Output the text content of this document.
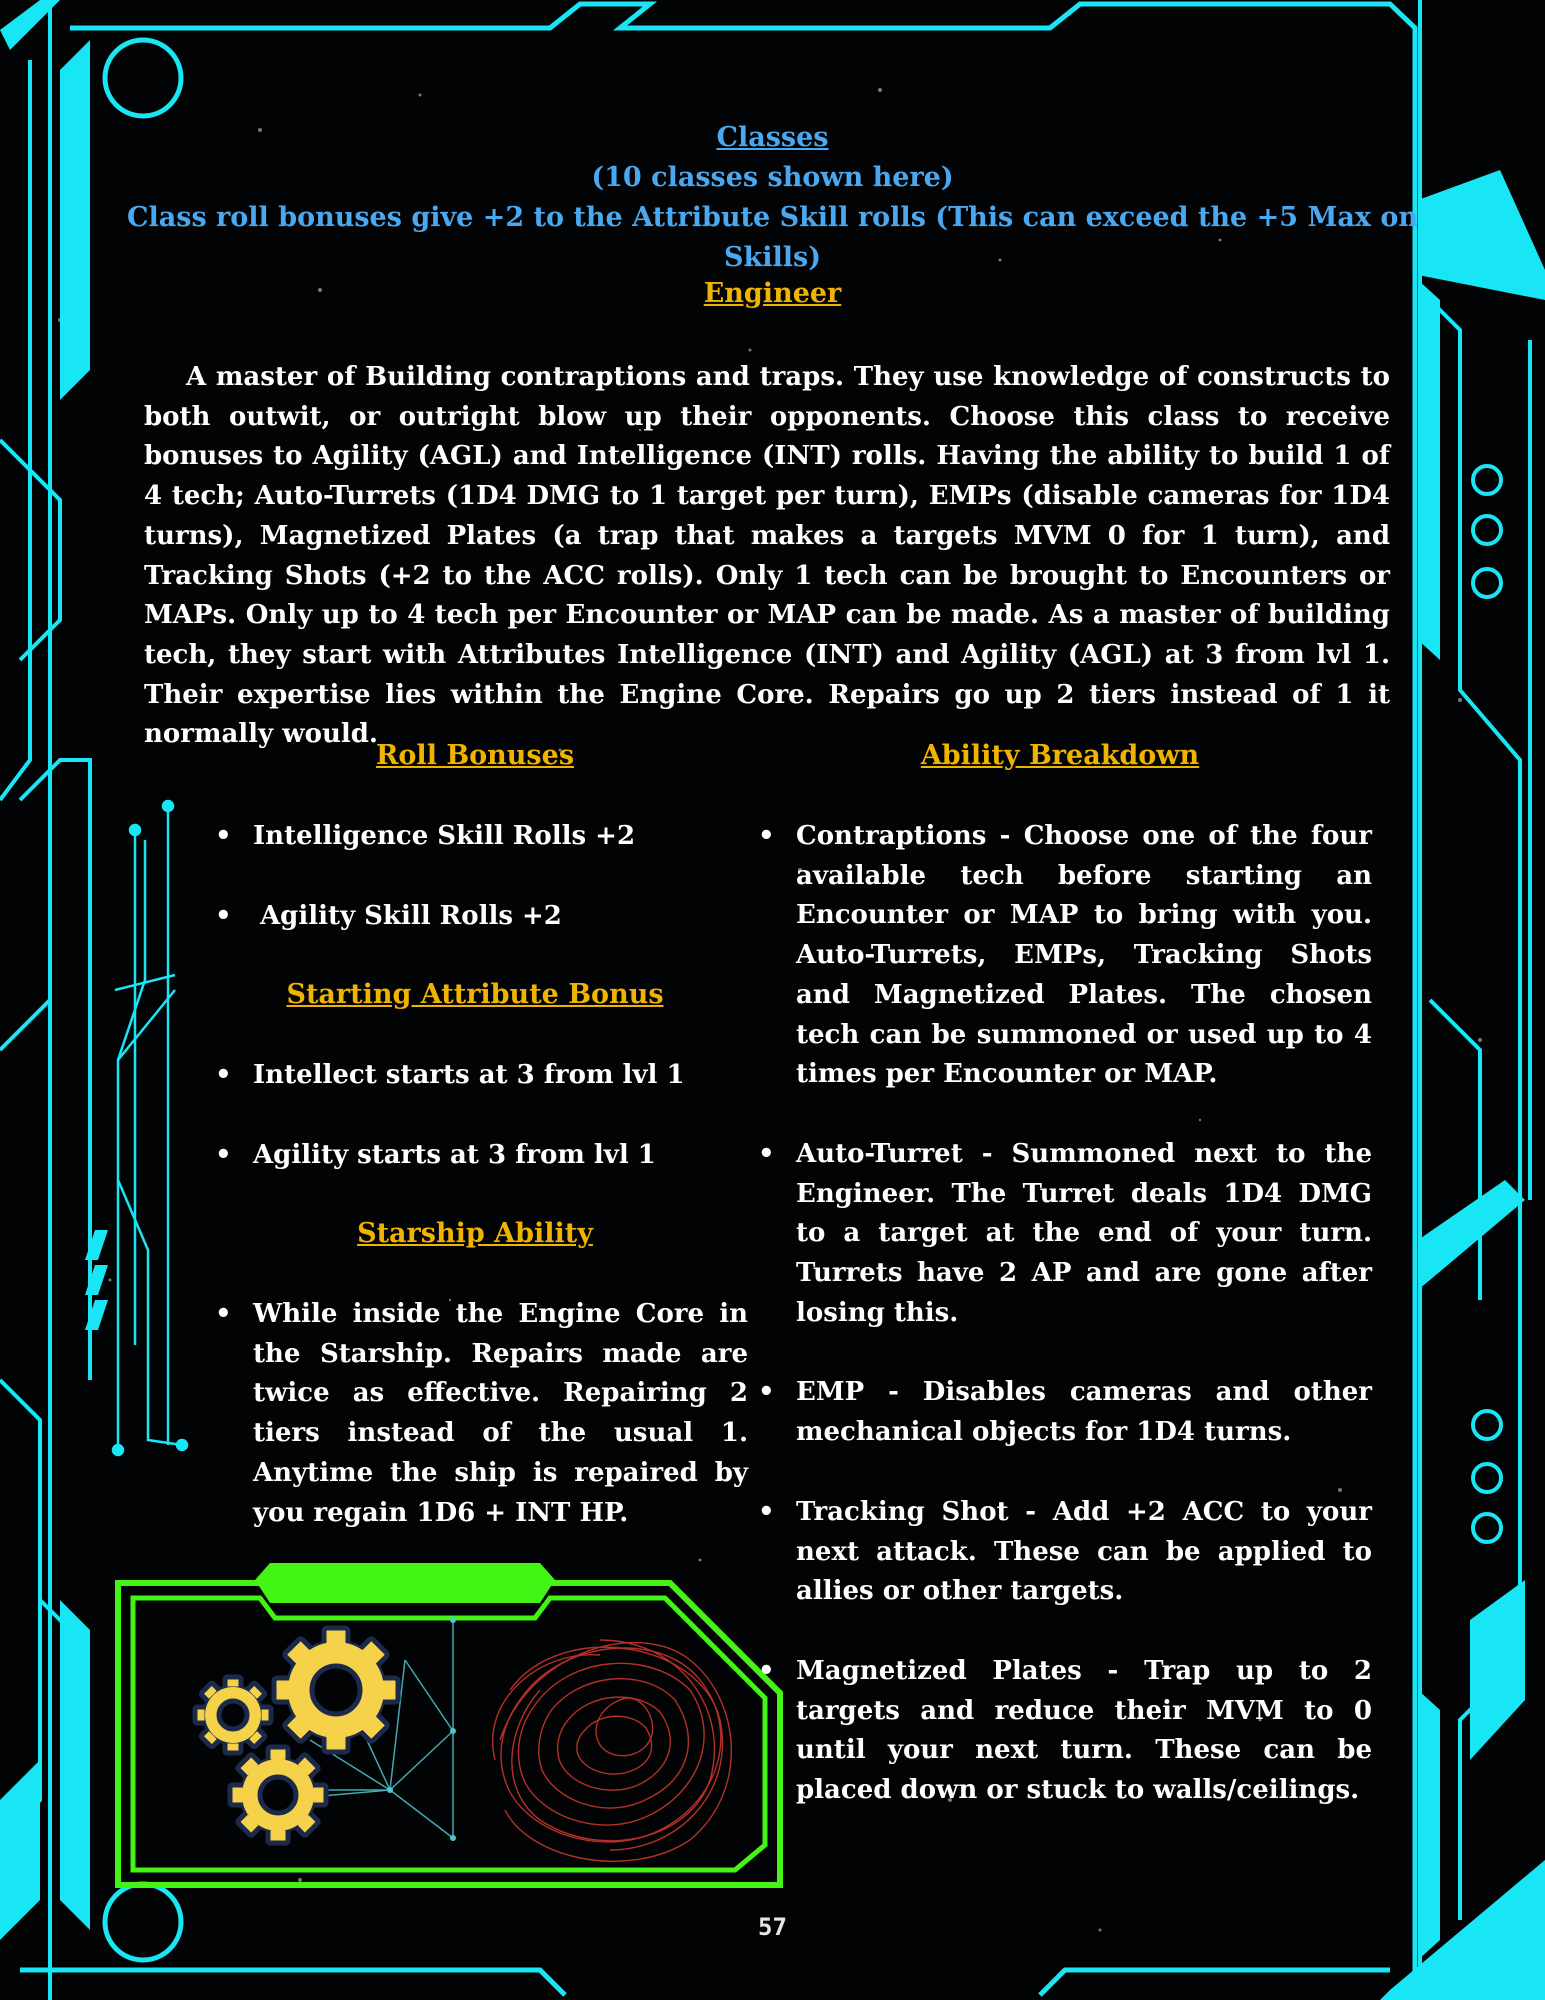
Classes
(10 classes shown here)
Class roll bonuses give +2 to the Attribute Skill rolls (This can exceed the +5 Max on Skills)
Engineer

A master of Building contraptions and traps. They use knowledge of constructs to both outwit, or outright blow up their opponents. Choose this class to receive bonuses to Agility (AGL) and Intelligence (INT) rolls. Having the ability to build 1 of 4 tech; Auto-Turrets (1D4 DMG to 1 target per turn), EMPs (disable cameras for 1D4 turns), Magnetized Plates (a trap that makes a targets MVM 0 for 1 turn), and Tracking Shots (+2 to the ACC rolls). Only 1 tech can be brought to Encounters or MAPs. Only up to 4 tech per Encounter or MAP can be made. As a master of building tech, they start with Attributes Intelligence (INT) and Agility (AGL) at 3 from lvl 1. Their expertise lies within the Engine Core. Repairs go up 2 tiers instead of 1 it normally would.

Roll Bonuses
• Intelligence Skill Rolls +2
• Agility Skill Rolls +2
Starting Attribute Bonus
• Intellect starts at 3 from lvl 1
• Agility starts at 3 from lvl 1
Starship Ability
• While inside the Engine Core in the Starship. Repairs made are twice as effective. Repairing 2 tiers instead of the usual 1. Anytime the ship is repaired by you regain 1D6 + INT HP.
Ability Breakdown
• Contraptions - Choose one of the four available tech before starting an Encounter or MAP to bring with you. Auto-Turrets, EMPs, Tracking Shots and Magnetized Plates. The chosen tech can be summoned or used up to 4 times per Encounter or MAP.
• Auto-Turret - Summoned next to the Engineer. The Turret deals 1D4 DMG to a target at the end of your turn. Turrets have 2 AP and are gone after losing this.
• EMP - Disables cameras and other mechanical objects for 1D4 turns.
• Tracking Shot - Add +2 ACC to your next attack. These can be applied to allies or other targets.
• Magnetized Plates - Trap up to 2 targets and reduce their MVM to 0 until your next turn. These can be placed down or stuck to walls/ceilings.
57
